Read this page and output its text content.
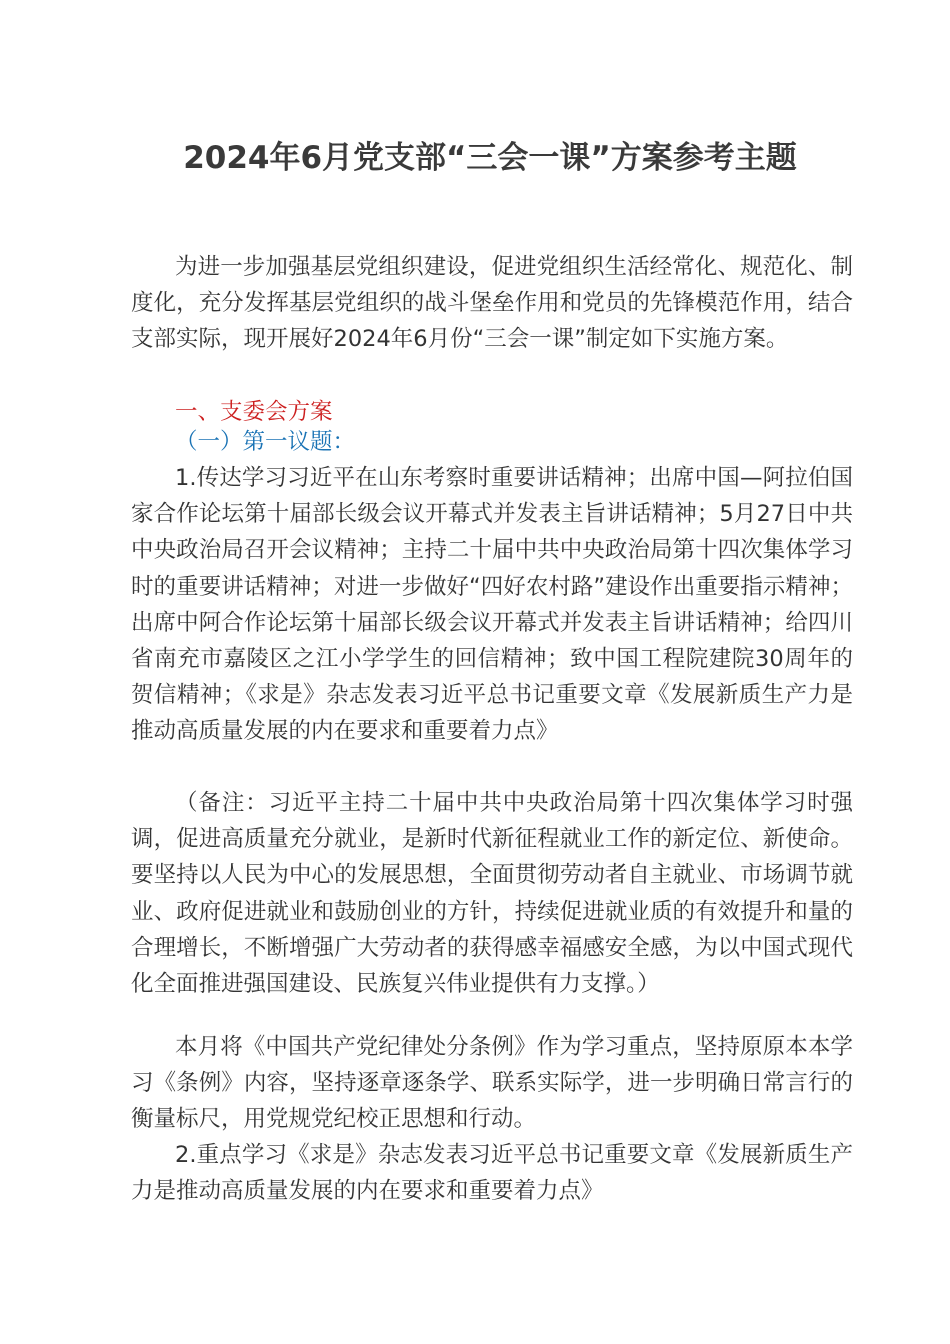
2024年6月党支部“三会一课”方案参考主题

为进一步加强基层党组织建设，促进党组织生活经常化、规范化、制度化，充分发挥基层党组织的战斗堡垒作用和党员的先锋模范作用，结合支部实际，现开展好2024年6月份“三会一课”制定如下实施方案。

一、支委会方案

（一）第一议题：

1.传达学习习近平在山东考察时重要讲话精神；出席中国—阿拉伯国家合作论坛第十届部长级会议开幕式并发表主旨讲话精神；5月27日中共中央政治局召开会议精神；主持二十届中共中央政治局第十四次集体学习时的重要讲话精神；对进一步做好“四好农村路”建设作出重要指示精神；出席中阿合作论坛第十届部长级会议开幕式并发表主旨讲话精神；给四川省南充市嘉陵区之江小学学生的回信精神；致中国工程院建院30周年的贺信精神；《求是》杂志发表习近平总书记重要文章《发展新质生产力是推动高质量发展的内在要求和重要着力点》

（备注：习近平主持二十届中共中央政治局第十四次集体学习时强调，促进高质量充分就业，是新时代新征程就业工作的新定位、新使命。要坚持以人民为中心的发展思想，全面贯彻劳动者自主就业、市场调节就业、政府促进就业和鼓励创业的方针，持续促进就业质的有效提升和量的合理增长，不断增强广大劳动者的获得感幸福感安全感，为以中国式现代化全面推进强国建设、民族复兴伟业提供有力支撑。）

本月将《中国共产党纪律处分条例》作为学习重点，坚持原原本本学习《条例》内容，坚持逐章逐条学、联系实际学，进一步明确日常言行的衡量标尺，用党规党纪校正思想和行动。

2.重点学习《求是》杂志发表习近平总书记重要文章《发展新质生产力是推动高质量发展的内在要求和重要着力点》
